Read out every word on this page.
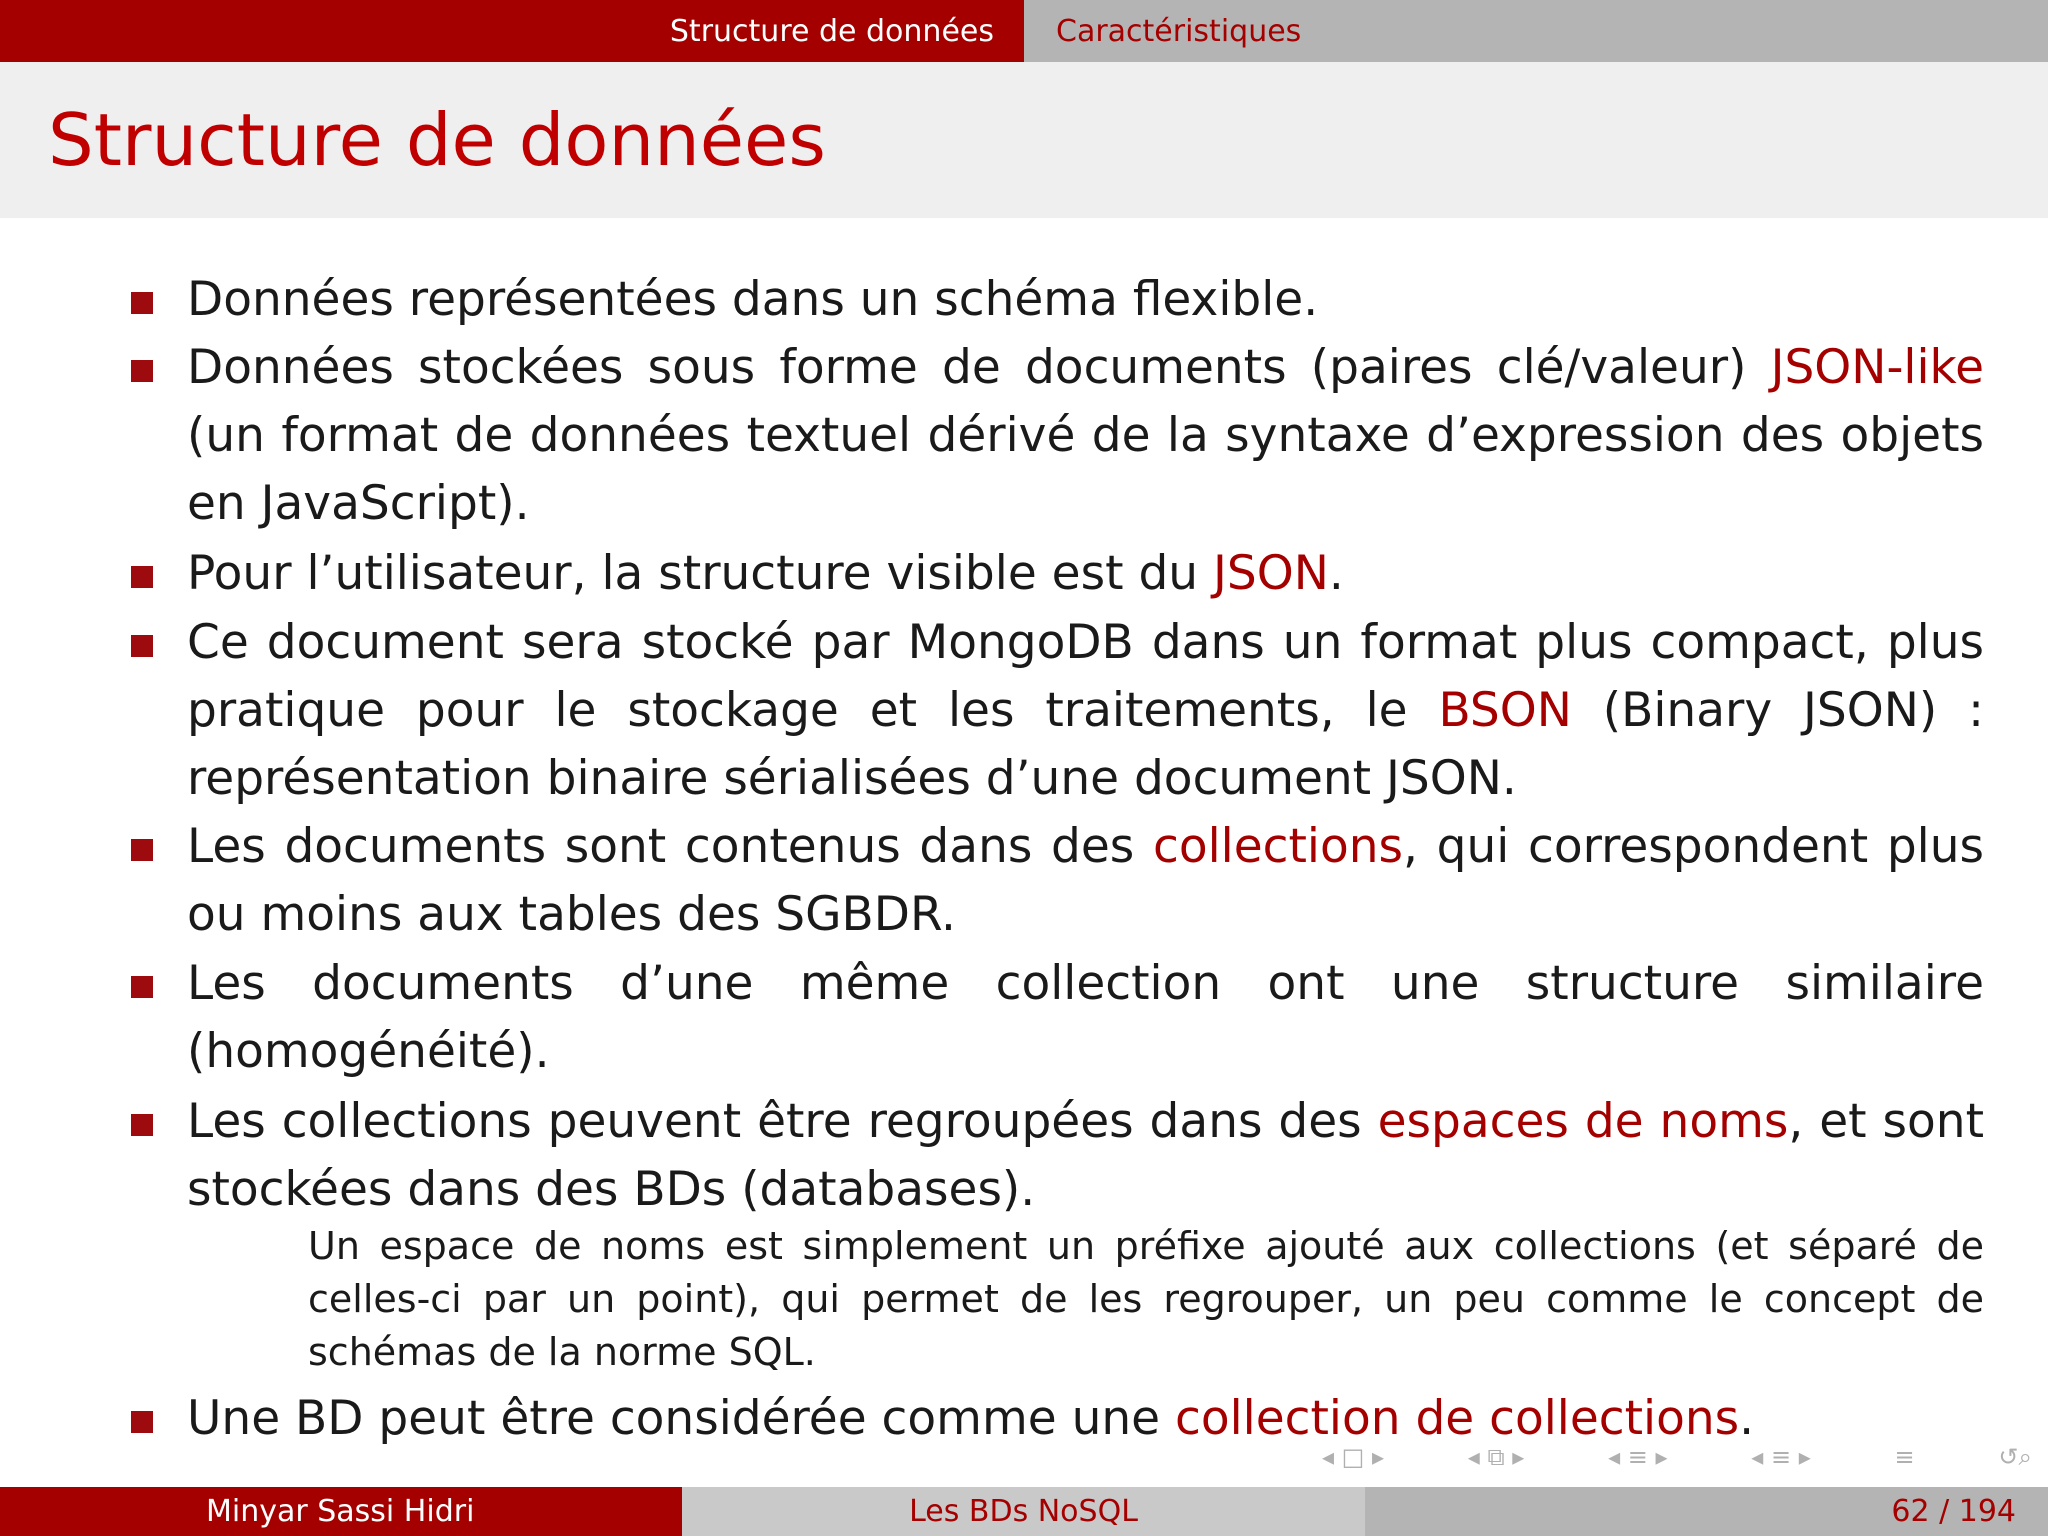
Structure de données	Caractéristiques
Structure de données
Données représentées dans un schéma flexible.
Données stockées sous forme de documents (paires clé/valeur) JSON-like (un format de données textuel dérivé de la syntaxe d’expression des objets en JavaScript).
Pour l’utilisateur, la structure visible est du JSON.
Ce document sera stocké par MongoDB dans un format plus compact, plus pratique pour le stockage et les traitements, le BSON (Binary JSON) : représentation binaire sérialisées d’une document JSON.
Les documents sont contenus dans des collections, qui correspondent plus ou moins aux tables des SGBDR.
Les documents d’une même collection ont une structure similaire (homogénéité).
Les collections peuvent être regroupées dans des espaces de noms, et sont stockées dans des BDs (databases).
Un espace de noms est simplement un préfixe ajouté aux collections (et séparé de celles-ci par un point), qui permet de les regrouper, un peu comme le concept de schémas de la norme SQL.
Une BD peut être considérée comme une collection de collections.
◂ □ ▸	◂ ⧉ ▸	◂ ≡ ▸	◂ ≡ ▸	≡	↺⌕
Minyar Sassi Hidri	Les BDs NoSQL	62 / 194
